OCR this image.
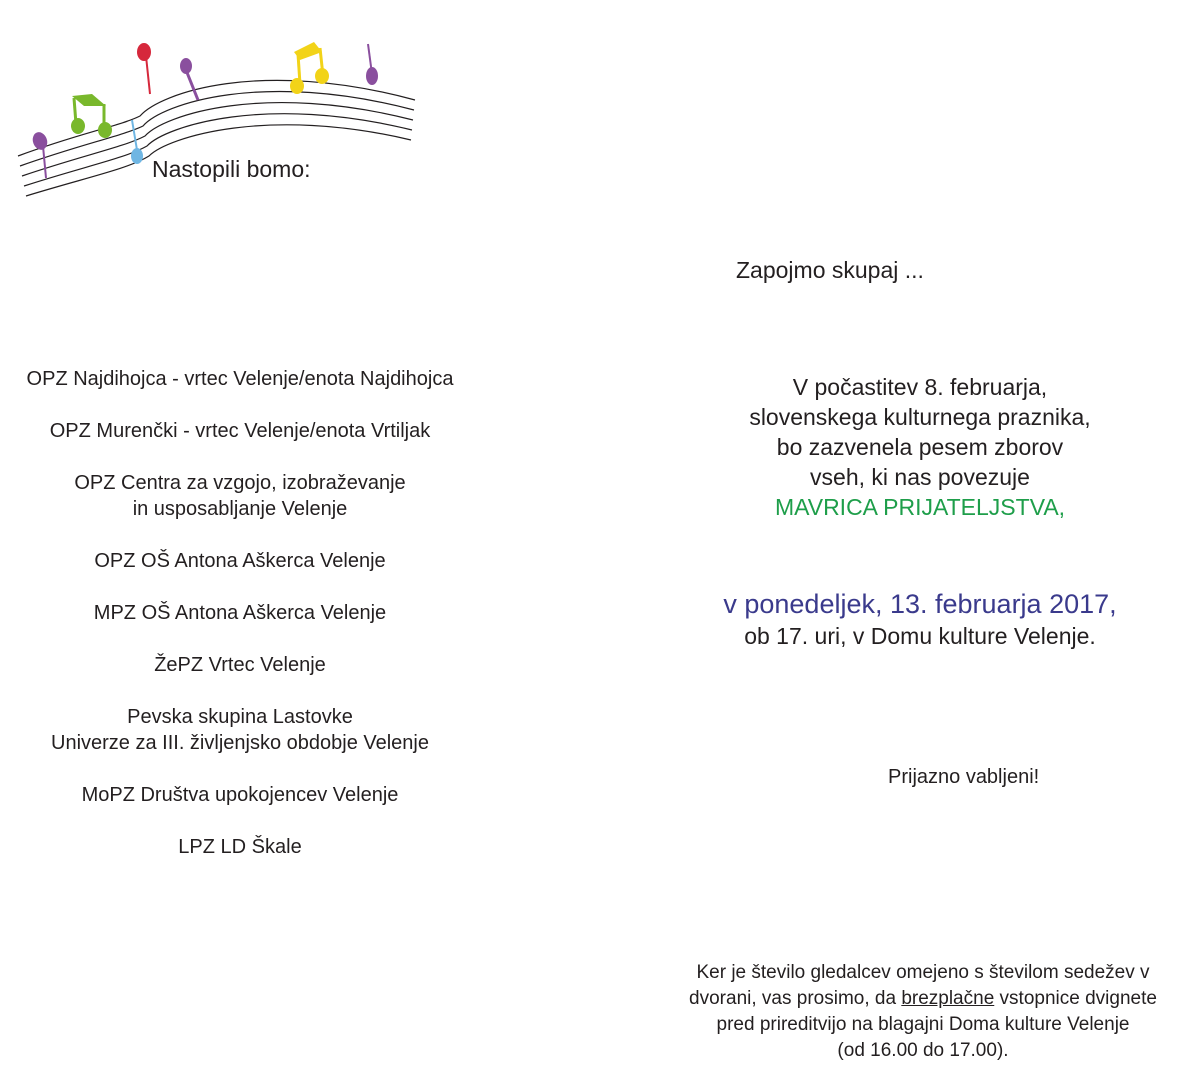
Nastopili bomo:
OPZ Najdihojca - vrtec Velenje/enota Najdihojca
OPZ Murenčki - vrtec Velenje/enota Vrtiljak
OPZ Centra za vzgojo, izobraževanje
in usposabljanje Velenje
OPZ OŠ Antona Aškerca Velenje
MPZ OŠ Antona Aškerca Velenje
ŽePZ Vrtec Velenje
Pevska skupina Lastovke
Univerze za III. življenjsko obdobje Velenje
MoPZ Društva upokojencev Velenje
LPZ LD Škale
Zapojmo skupaj ...
V počastitev 8. februarja,
slovenskega kulturnega praznika,
bo zazvenela pesem zborov
vseh, ki nas povezuje
MAVRICA PRIJATELJSTVA,
v ponedeljek, 13. februarja 2017,
ob 17. uri, v Domu kulture Velenje.
Prijazno vabljeni!
Ker je število gledalcev omejeno s številom sedežev v
dvorani, vas prosimo, da brezplačne vstopnice dvignete
pred prireditvijo na blagajni Doma kulture Velenje
(od 16.00 do 17.00).
